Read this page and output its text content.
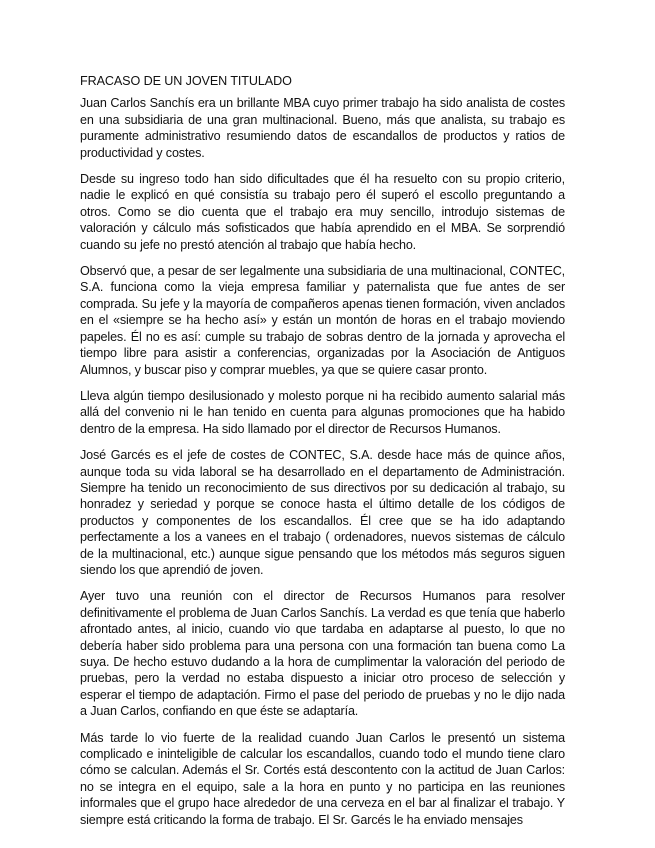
FRACASO DE UN JOVEN TITULADO

Juan Carlos Sanchís era un brillante MBA cuyo primer trabajo ha sido analista de costes en una subsidiaria de una gran multinacional. Bueno, más que analista, su trabajo es puramente administrativo resumiendo datos de escandallos de productos y ratios de productividad y costes.

Desde su ingreso todo han sido dificultades que él ha resuelto con su propio criterio, nadie le explicó en qué consistía su trabajo pero él superó el escollo preguntando a otros. Como se dio cuenta que el trabajo era muy sencillo, introdujo sistemas de valoración y cálculo más sofisticados que había aprendido en el MBA. Se sorprendió cuando su jefe no prestó atención al trabajo que había hecho.

Observó que, a pesar de ser legalmente una subsidiaria de una multinacional, CONTEC, S.A. funciona como la vieja empresa familiar y paternalista que fue antes de ser comprada. Su jefe y la mayoría de compañeros apenas tienen formación, viven anclados en el «siempre se ha hecho así» y están un montón de horas en el trabajo moviendo papeles. Él no es así: cumple su trabajo de sobras dentro de la jornada y aprovecha el tiempo libre para asistir a conferencias, organizadas por la Asociación de Antiguos Alumnos, y buscar piso y comprar muebles, ya que se quiere casar pronto.

Lleva algún tiempo desilusionado y molesto porque ni ha recibido aumento salarial más allá del convenio ni le han tenido en cuenta para algunas promociones que ha habido dentro de la empresa. Ha sido llamado por el director de Recursos Humanos.

José Garcés es el jefe de costes de CONTEC, S.A. desde hace más de quince años, aunque toda su vida laboral se ha desarrollado en el departamento de Administración. Siempre ha tenido un reconocimiento de sus directivos por su dedicación al trabajo, su honradez y seriedad y porque se conoce hasta el último detalle de los códigos de productos y componentes de los escandallos. Él cree que se ha ido adaptando perfectamente a los a vanees en el trabajo ( ordenadores, nuevos sistemas de cálculo de la multinacional, etc.) aunque sigue pensando que los métodos más seguros siguen siendo los que aprendió de joven.

Ayer tuvo una reunión con el director de Recursos Humanos para resolver definitivamente el problema de Juan Carlos Sanchís. La verdad es que tenía que haberlo afrontado antes, al inicio, cuando vio que tardaba en adaptarse al puesto, lo que no debería haber sido problema para una persona con una formación tan buena como La suya. De hecho estuvo dudando a la hora de cumplimentar la valoración del periodo de pruebas, pero la verdad no estaba dispuesto a iniciar otro proceso de selección y esperar el tiempo de adaptación. Firmo el pase del periodo de pruebas y no le dijo nada a Juan Carlos, confiando en que éste se adaptaría.

Más tarde lo vio fuerte de la realidad cuando Juan Carlos le presentó un sistema complicado e ininteligible de calcular los escandallos, cuando todo el mundo tiene claro cómo se calculan. Además el Sr. Cortés está descontento con la actitud de Juan Carlos: no se integra en el equipo, sale a la hora en punto y no participa en las reuniones informales que el grupo hace alrededor de una cerveza en el bar al finalizar el trabajo. Y siempre está criticando la forma de trabajo. El Sr. Garcés le ha enviado mensajes
